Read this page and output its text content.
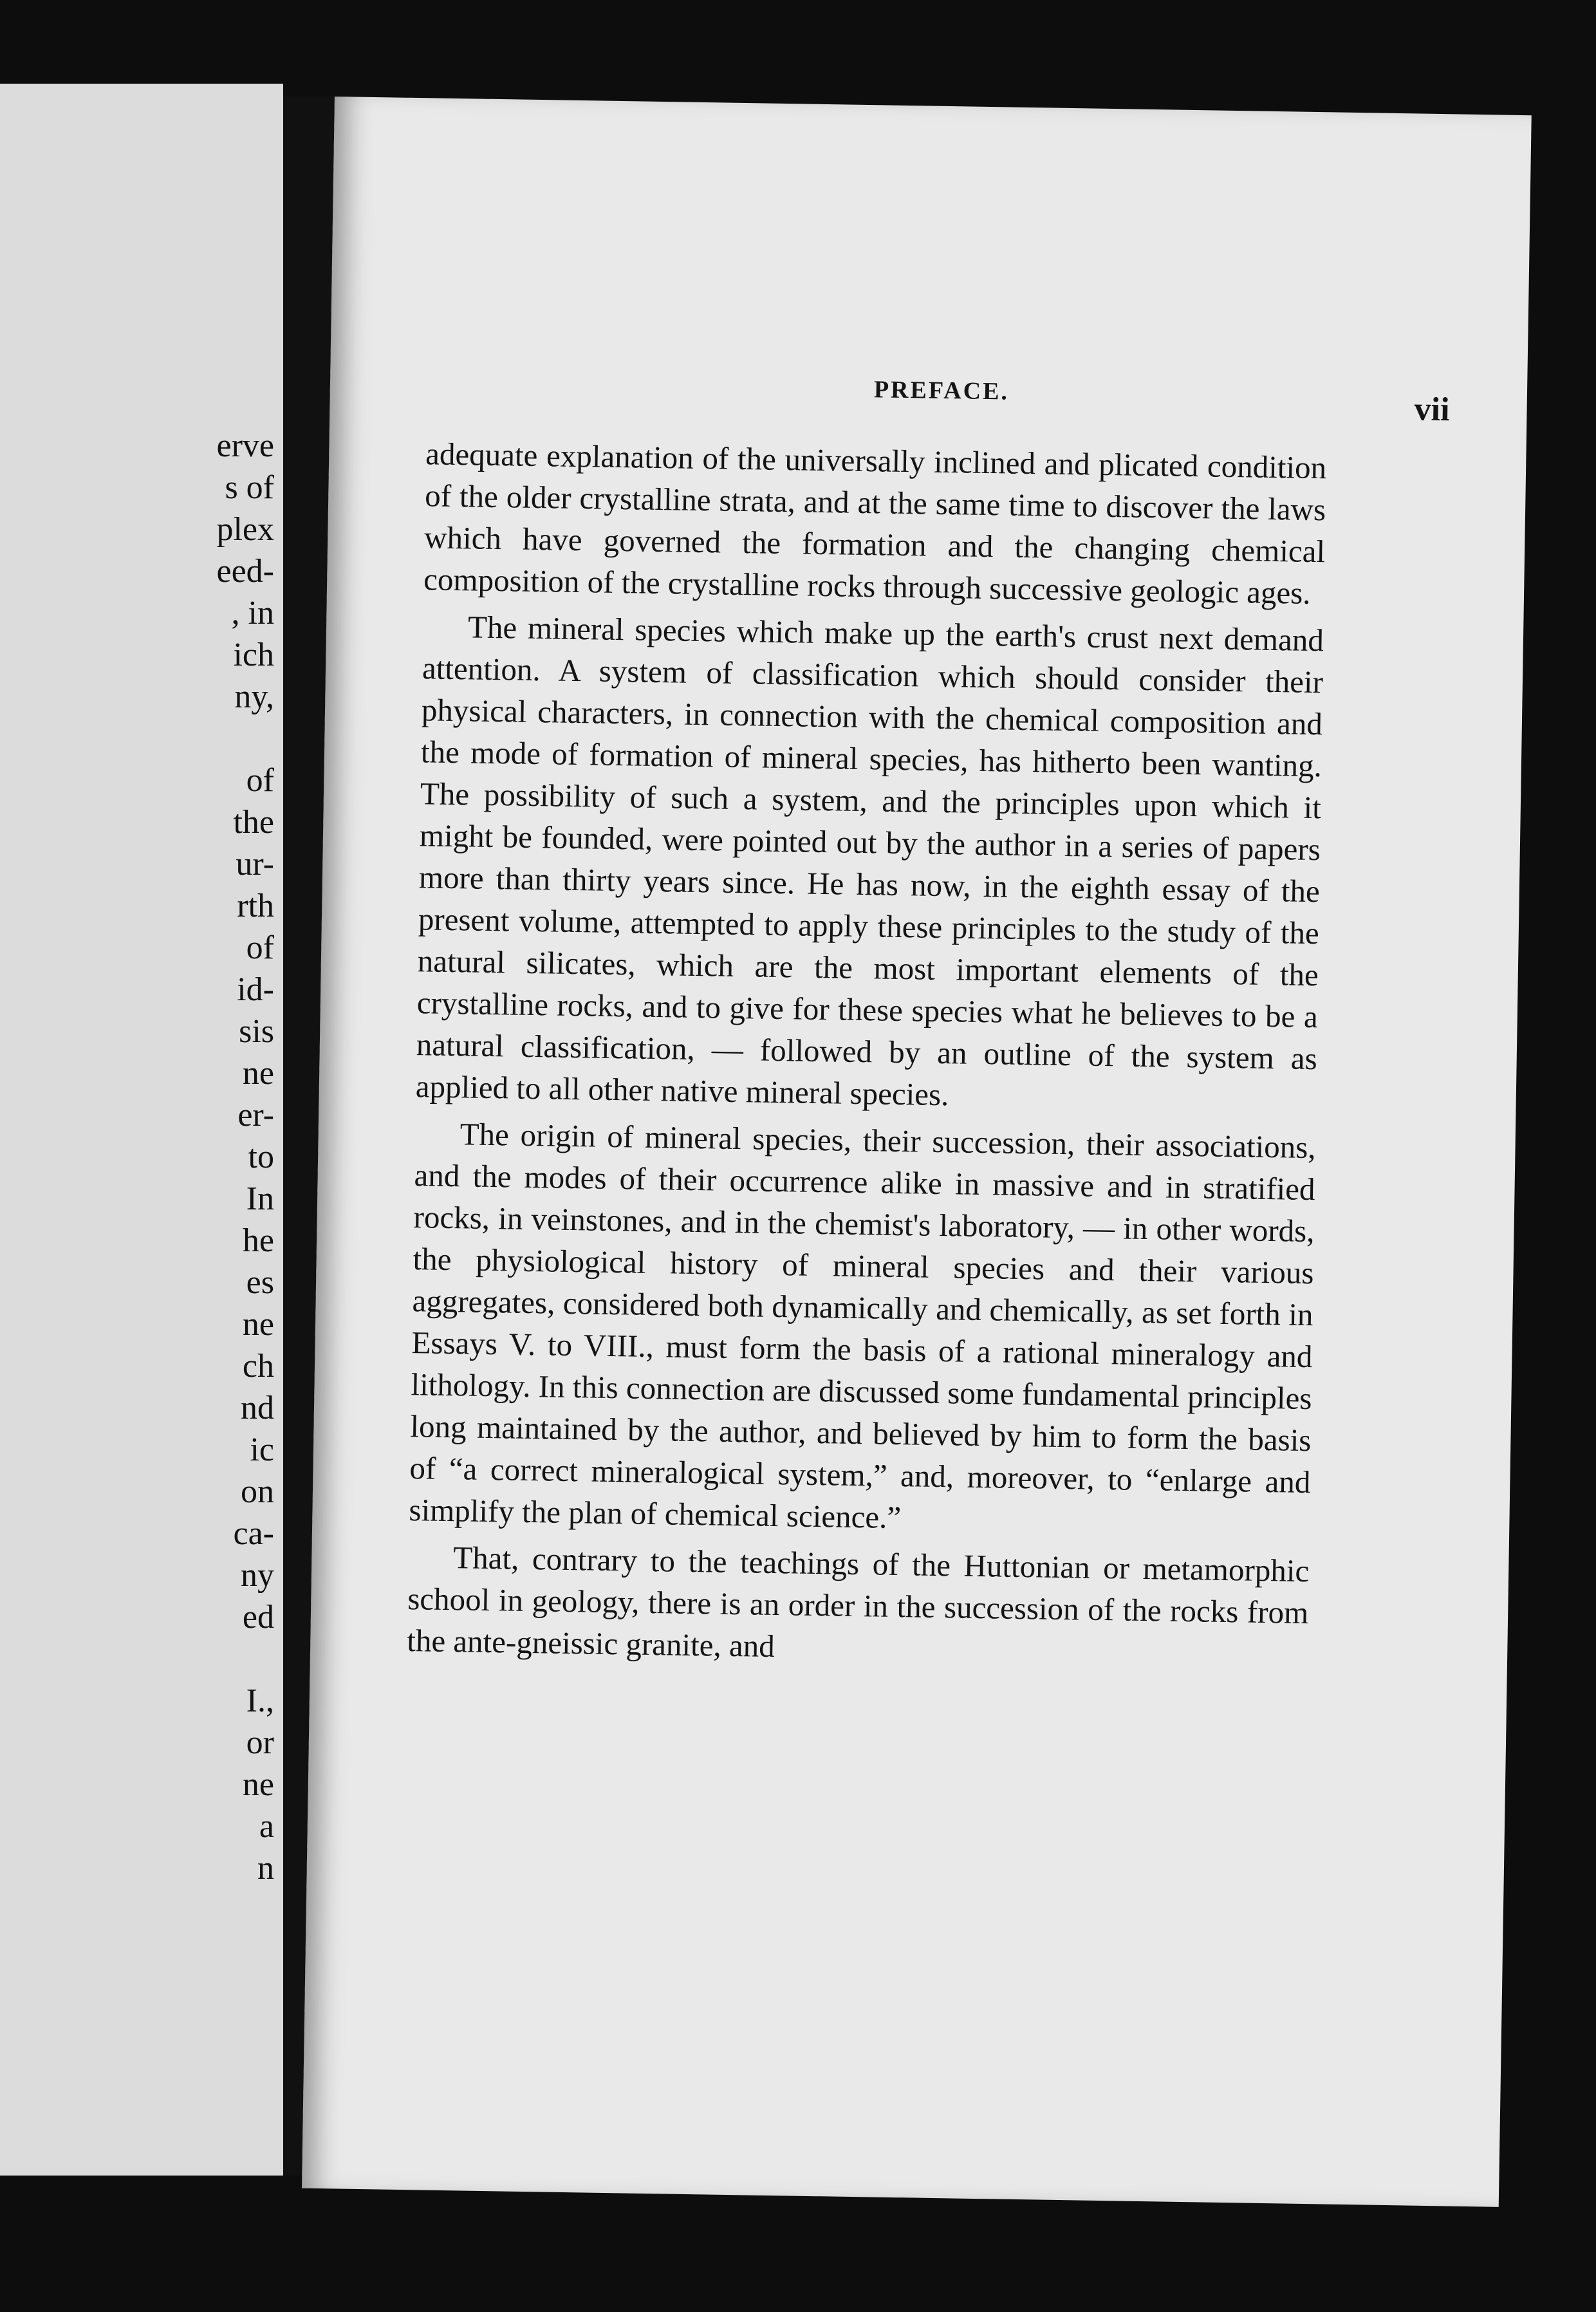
erve
s of
plex
eed-
, in
ich
ny,
of
the
ur-
rth
of
id-
sis
ne
er-
to
In
he
es
ne
ch
nd
ic
on
ca-
ny
ed
I.,
or
ne
a
n
PREFACE.
vii

adequate explanation of the universally inclined and plicated condition of the older crystalline strata, and at the same time to discover the laws which have governed the formation and the changing chemical composition of the crystalline rocks through successive geologic ages.

The mineral species which make up the earth's crust next demand attention. A system of classification which should consider their physical characters, in connection with the chemical composition and the mode of formation of mineral species, has hitherto been wanting. The possibility of such a system, and the principles upon which it might be founded, were pointed out by the author in a series of papers more than thirty years since. He has now, in the eighth essay of the present volume, attempted to apply these principles to the study of the natural silicates, which are the most important elements of the crystalline rocks, and to give for these species what he believes to be a natural classification, — followed by an outline of the system as applied to all other native mineral species.

The origin of mineral species, their succession, their associations, and the modes of their occurrence alike in massive and in stratified rocks, in veinstones, and in the chemist's laboratory, — in other words, the physiological history of mineral species and their various aggregates, considered both dynamically and chemically, as set forth in Essays V. to VIII., must form the basis of a rational mineralogy and lithology. In this connection are discussed some fundamental principles long maintained by the author, and believed by him to form the basis of “a correct mineralogical system,” and, moreover, to “enlarge and simplify the plan of chemical science.”

That, contrary to the teachings of the Huttonian or metamorphic school in geology, there is an order in the succession of the rocks from the ante-gneissic granite, and
